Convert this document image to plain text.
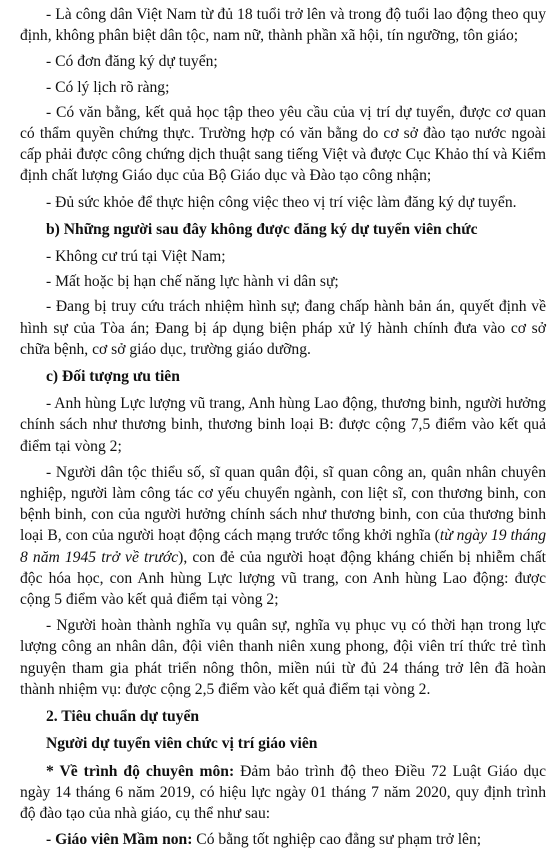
- Là công dân Việt Nam từ đủ 18 tuổi trở lên và trong độ tuổi lao động theo quy định, không phân biệt dân tộc, nam nữ, thành phần xã hội, tín ngưỡng, tôn giáo;

- Có đơn đăng ký dự tuyển;

- Có lý lịch rõ ràng;

- Có văn bằng, kết quả học tập theo yêu cầu của vị trí dự tuyển, được cơ quan có thẩm quyền chứng thực. Trường hợp có văn bằng do cơ sở đào tạo nước ngoài cấp phải được công chứng dịch thuật sang tiếng Việt và được Cục Khảo thí và Kiểm định chất lượng Giáo dục của Bộ Giáo dục và Đào tạo công nhận;

- Đủ sức khỏe để thực hiện công việc theo vị trí việc làm đăng ký dự tuyển.

b) Những người sau đây không được đăng ký dự tuyển viên chức

- Không cư trú tại Việt Nam;

- Mất hoặc bị hạn chế năng lực hành vi dân sự;

- Đang bị truy cứu trách nhiệm hình sự; đang chấp hành bản án, quyết định về hình sự của Tòa án; Đang bị áp dụng biện pháp xử lý hành chính đưa vào cơ sở chữa bệnh, cơ sở giáo dục, trường giáo dưỡng.

c) Đối tượng ưu tiên

- Anh hùng Lực lượng vũ trang, Anh hùng Lao động, thương binh, người hưởng chính sách như thương binh, thương binh loại B: được cộng 7,5 điểm vào kết quả điểm tại vòng 2;

- Người dân tộc thiểu số, sĩ quan quân đội, sĩ quan công an, quân nhân chuyên nghiệp, người làm công tác cơ yếu chuyển ngành, con liệt sĩ, con thương binh, con bệnh binh, con của người hưởng chính sách như thương binh, con của thương binh loại B, con của người hoạt động cách mạng trước tổng khởi nghĩa (từ ngày 19 tháng 8 năm 1945 trở về trước), con đẻ của người hoạt động kháng chiến bị nhiễm chất độc hóa học, con Anh hùng Lực lượng vũ trang, con Anh hùng Lao động: được cộng 5 điểm vào kết quả điểm tại vòng 2;

- Người hoàn thành nghĩa vụ quân sự, nghĩa vụ phục vụ có thời hạn trong lực lượng công an nhân dân, đội viên thanh niên xung phong, đội viên trí thức trẻ tình nguyện tham gia phát triển nông thôn, miền núi từ đủ 24 tháng trở lên đã hoàn thành nhiệm vụ: được cộng 2,5 điểm vào kết quả điểm tại vòng 2.

2. Tiêu chuẩn dự tuyển

Người dự tuyển viên chức vị trí giáo viên

* Về trình độ chuyên môn: Đảm bảo trình độ theo Điều 72 Luật Giáo dục ngày 14 tháng 6 năm 2019, có hiệu lực ngày 01 tháng 7 năm 2020, quy định trình độ đào tạo của nhà giáo, cụ thể như sau:

- Giáo viên Mầm non: Có bằng tốt nghiệp cao đẳng sư phạm trở lên;
